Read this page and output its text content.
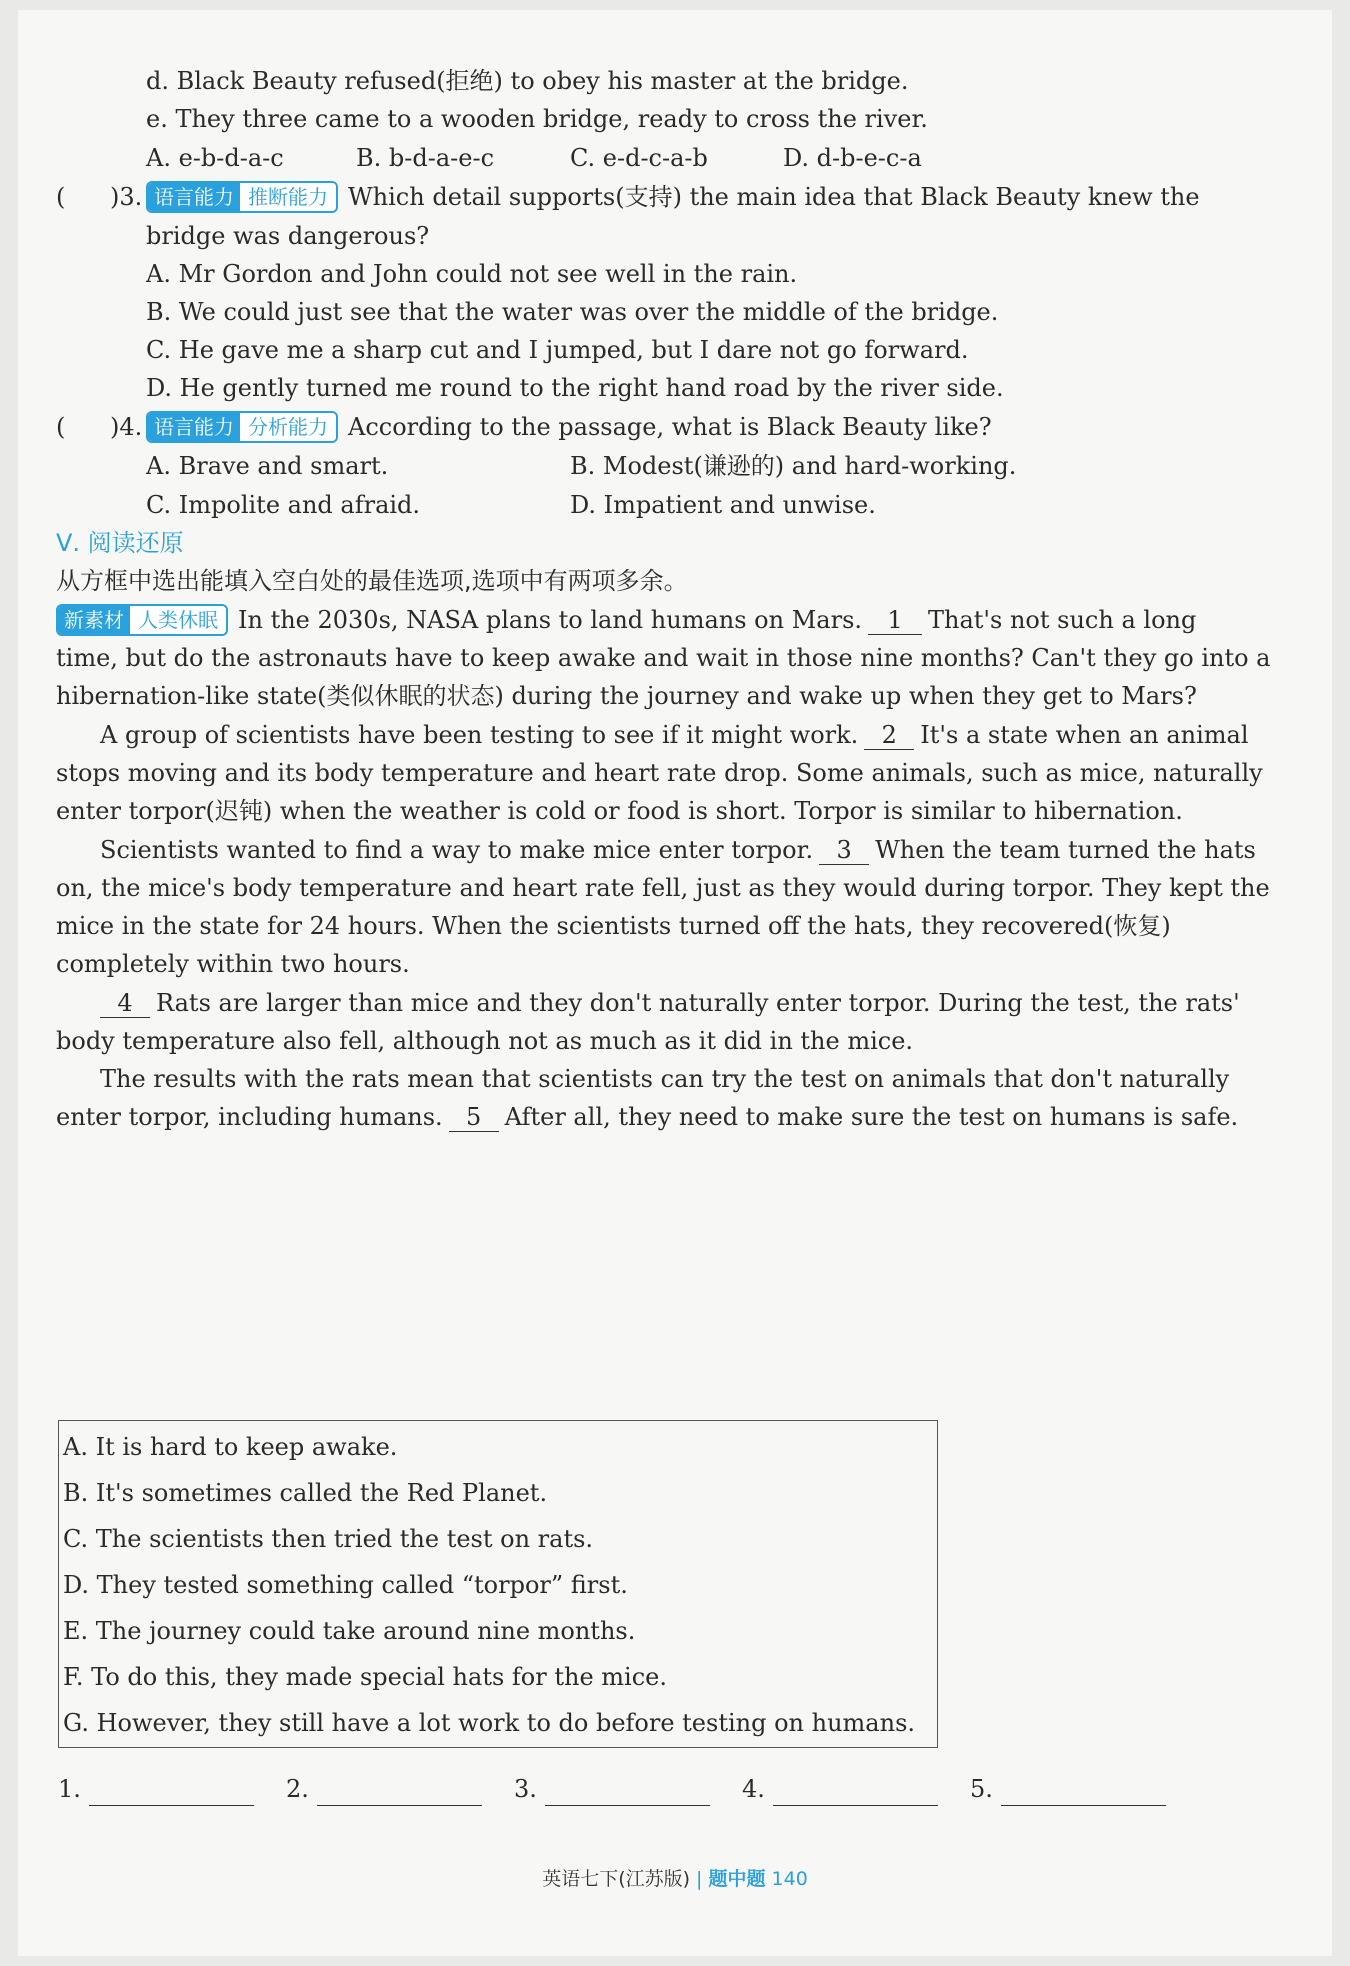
d. Black Beauty refused(拒绝) to obey his master at the bridge.
e. They three came to a wooden bridge, ready to cross the river.
A. e-b-d-a-c	B. b-d-a-e-c	C. e-d-c-a-b	D. d-b-e-c-a
( )3. 语言能力 推断能力 Which detail supports(支持) the main idea that Black Beauty knew the
bridge was dangerous?
A. Mr Gordon and John could not see well in the rain.
B. We could just see that the water was over the middle of the bridge.
C. He gave me a sharp cut and I jumped, but I dare not go forward.
D. He gently turned me round to the right hand road by the river side.
( )4. 语言能力 分析能力 According to the passage, what is Black Beauty like?
A. Brave and smart.	B. Modest(谦逊的) and hard-working.
C. Impolite and afraid.	D. Impatient and unwise.
Ⅴ. 阅读还原
从方框中选出能填入空白处的最佳选项,选项中有两项多余。
新素材 人类休眠 In the 2030s, NASA plans to land humans on Mars. 1 That's not such a long
time, but do the astronauts have to keep awake and wait in those nine months? Can't they go into a
hibernation-like state(类似休眠的状态) during the journey and wake up when they get to Mars?
A group of scientists have been testing to see if it might work. 2 It's a state when an animal
stops moving and its body temperature and heart rate drop. Some animals, such as mice, naturally
enter torpor(迟钝) when the weather is cold or food is short. Torpor is similar to hibernation.
Scientists wanted to find a way to make mice enter torpor. 3 When the team turned the hats
on, the mice's body temperature and heart rate fell, just as they would during torpor. They kept the
mice in the state for 24 hours. When the scientists turned off the hats, they recovered(恢复)
completely within two hours.
4 Rats are larger than mice and they don't naturally enter torpor. During the test, the rats'
body temperature also fell, although not as much as it did in the mice.
The results with the rats mean that scientists can try the test on animals that don't naturally
enter torpor, including humans. 5 After all, they need to make sure the test on humans is safe.
A. It is hard to keep awake.
B. It's sometimes called the Red Planet.
C. The scientists then tried the test on rats.
D. They tested something called “torpor” first.
E. The journey could take around nine months.
F. To do this, they made special hats for the mice.
G. However, they still have a lot work to do before testing on humans.
1.	2.	3.	4.	5.
英语七下(江苏版) | 题中题 140
